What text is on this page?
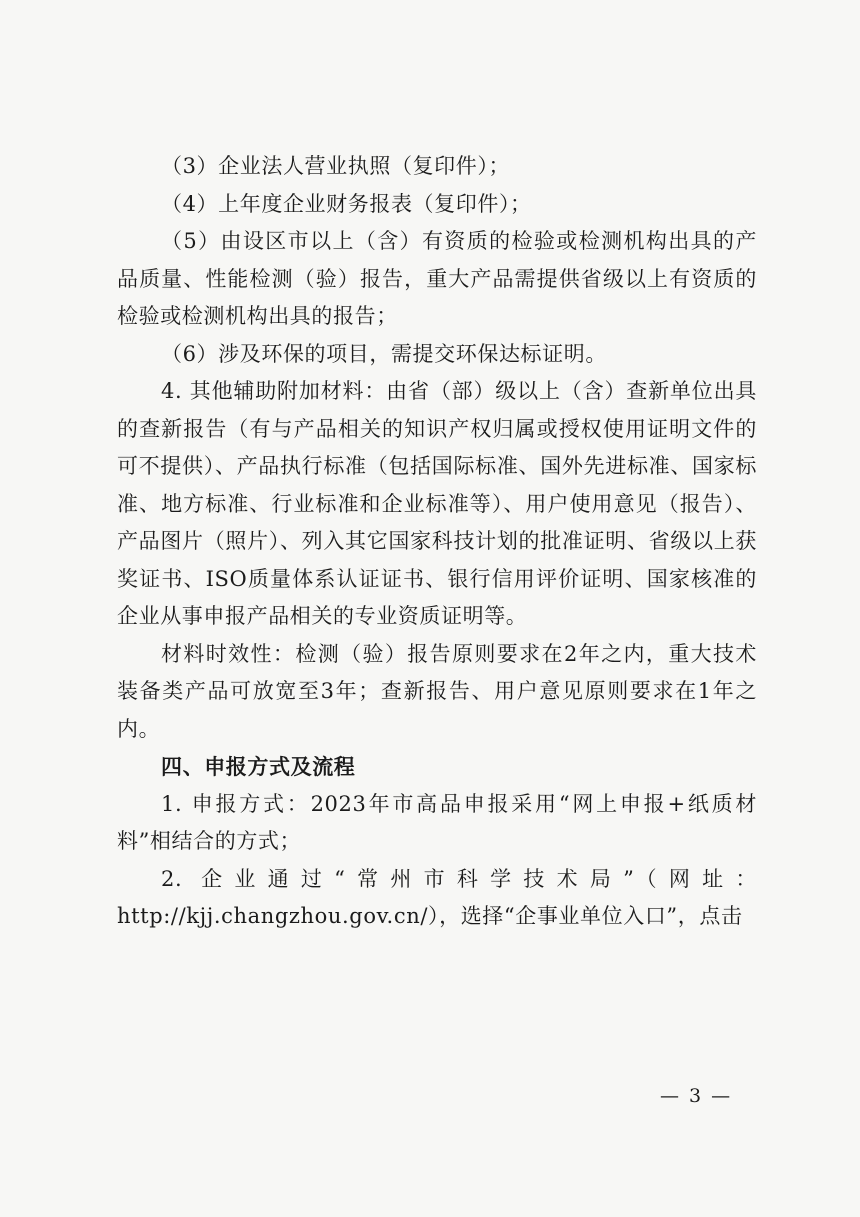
（3）企业法人营业执照（复印件）；

（4）上年度企业财务报表（复印件）；

（5）由设区市以上（含）有资质的检验或检测机构出具的产品质量、性能检测（验）报告，重大产品需提供省级以上有资质的检验或检测机构出具的报告；

（6）涉及环保的项目，需提交环保达标证明。

4. 其他辅助附加材料：由省（部）级以上（含）查新单位出具的查新报告（有与产品相关的知识产权归属或授权使用证明文件的可不提供）、产品执行标准（包括国际标准、国外先进标准、国家标准、地方标准、行业标准和企业标准等）、用户使用意见（报告）、产品图片（照片）、列入其它国家科技计划的批准证明、省级以上获奖证书、ISO质量体系认证证书、银行信用评价证明、国家核准的企业从事申报产品相关的专业资质证明等。

材料时效性：检测（验）报告原则要求在2年之内，重大技术装备类产品可放宽至3年；查新报告、用户意见原则要求在1年之内。

四、申报方式及流程

1. 申报方式：2023年市高品申报采用“网上申报+纸质材料”相结合的方式；

2. 企业通过“常州市科学技术局”（网址：

http://kjj.changzhou.gov.cn/），选择“企事业单位入口”，点击

— 3 —
